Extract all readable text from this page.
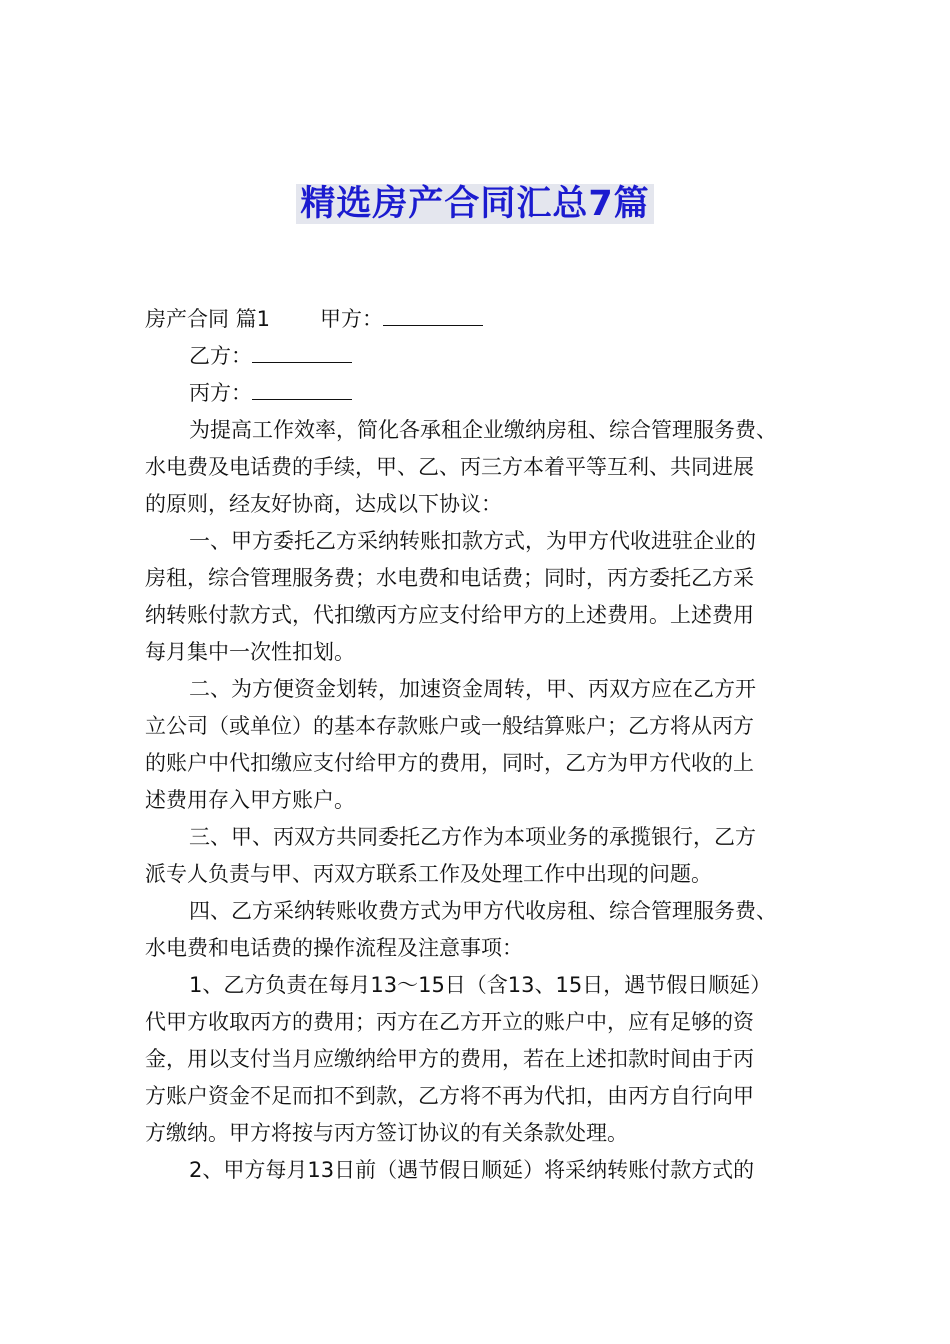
精选房产合同汇总7篇
房产合同 篇1 甲方：
乙方：
丙方：
为提高工作效率，简化各承租企业缴纳房租、综合管理服务费、
水电费及电话费的手续，甲、乙、丙三方本着平等互利、共同进展
的原则，经友好协商，达成以下协议：
一、甲方委托乙方采纳转账扣款方式，为甲方代收进驻企业的
房租，综合管理服务费；水电费和电话费；同时，丙方委托乙方采
纳转账付款方式，代扣缴丙方应支付给甲方的上述费用。上述费用
每月集中一次性扣划。
二、为方便资金划转，加速资金周转，甲、丙双方应在乙方开
立公司（或单位）的基本存款账户或一般结算账户；乙方将从丙方
的账户中代扣缴应支付给甲方的费用，同时，乙方为甲方代收的上
述费用存入甲方账户。
三、甲、丙双方共同委托乙方作为本项业务的承揽银行，乙方
派专人负责与甲、丙双方联系工作及处理工作中出现的问题。
四、乙方采纳转账收费方式为甲方代收房租、综合管理服务费、
水电费和电话费的操作流程及注意事项：
1、乙方负责在每月13～15日（含13、15日，遇节假日顺延）
代甲方收取丙方的费用；丙方在乙方开立的账户中，应有足够的资
金，用以支付当月应缴纳给甲方的费用，若在上述扣款时间由于丙
方账户资金不足而扣不到款，乙方将不再为代扣，由丙方自行向甲
方缴纳。甲方将按与丙方签订协议的有关条款处理。
2、甲方每月13日前（遇节假日顺延）将采纳转账付款方式的
